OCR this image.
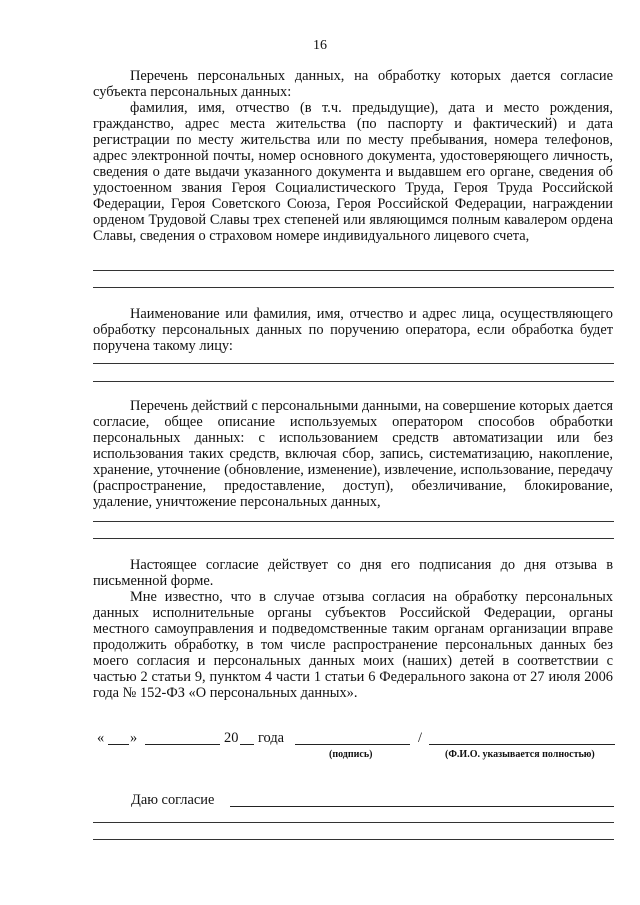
16

Перечень персональных данных, на обработку которых дается согласие субъекта персональных данных:

фамилия, имя, отчество (в т.ч. предыдущие), дата и место рождения, гражданство, адрес места жительства (по паспорту и фактический) и дата регистрации по месту жительства или по месту пребывания, номера телефонов, адрес электронной почты, номер основного документа, удостоверяющего личность, сведения о дате выдачи указанного документа и выдавшем его органе, сведения об удостоенном звания Героя Социалистического Труда, Героя Труда Российской Федерации, Героя Советского Союза, Героя Российской Федерации, награждении орденом Трудовой Славы трех степеней или являющимся полным кавалером ордена Славы, сведения о страховом номере индивидуального лицевого счета,

Наименование или фамилия, имя, отчество и адрес лица, осуществляющего обработку персональных данных по поручению оператора, если обработка будет поручена такому лицу:

Перечень действий с персональными данными, на совершение которых дается согласие, общее описание используемых оператором способов обработки персональных данных: с использованием средств автоматизации или без использования таких средств, включая сбор, запись, систематизацию, накопление, хранение, уточнение (обновление, изменение), извлечение, использование, передачу (распространение, предоставление, доступ), обезличивание, блокирование, удаление, уничтожение персональных данных,

Настоящее согласие действует со дня его подписания до дня отзыва в письменной форме.

Мне известно, что в случае отзыва согласия на обработку персональных данных исполнительные органы субъектов Российской Федерации, органы местного самоуправления и подведомственные таким органам организации вправе продолжить обработку, в том числе распространение персональных данных без моего согласия и персональных данных моих (наших) детей в соответствии с частью 2 статьи 9, пунктом 4 части 1 статьи 6 Федерального закона от 27 июля 2006 года № 152-ФЗ «О персональных данных».

« »	20 года
(подпись)
/
(Ф.И.О. указывается полностью)
Даю согласие
